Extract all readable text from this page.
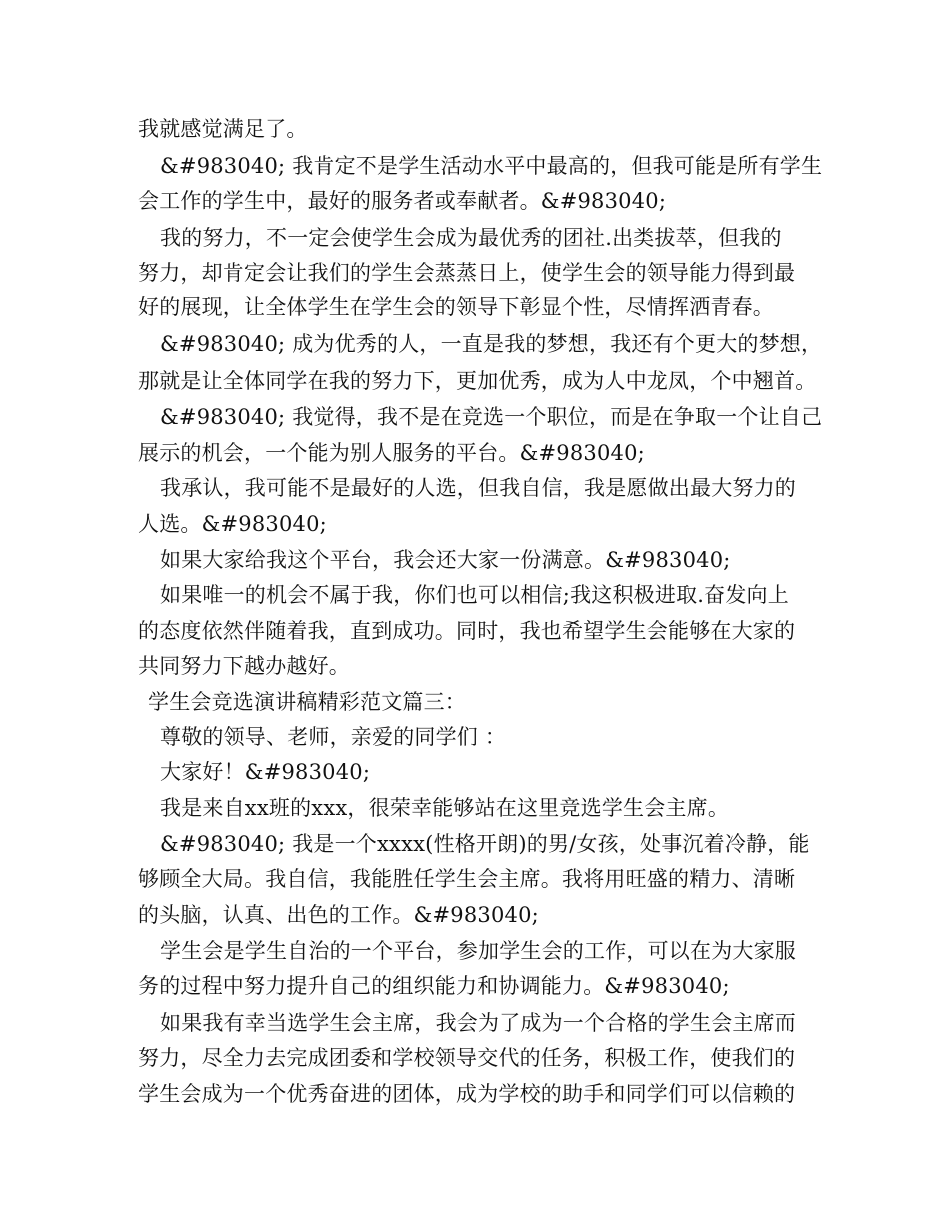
我就感觉满足了。
&#983040; 我肯定不是学生活动水平中最高的，但我可能是所有学生
会工作的学生中，最好的服务者或奉献者。&#983040;
我的努力，不一定会使学生会成为最优秀的团社.出类拔萃，但我的
努力，却肯定会让我们的学生会蒸蒸日上，使学生会的领导能力得到最
好的展现，让全体学生在学生会的领导下彰显个性，尽情挥洒青春。
&#983040; 成为优秀的人，一直是我的梦想，我还有个更大的梦想，
那就是让全体同学在我的努力下，更加优秀，成为人中龙凤，个中翘首。
&#983040; 我觉得，我不是在竞选一个职位，而是在争取一个让自己
展示的机会，一个能为别人服务的平台。&#983040;
我承认，我可能不是最好的人选，但我自信，我是愿做出最大努力的
人选。&#983040;
如果大家给我这个平台，我会还大家一份满意。&#983040;
如果唯一的机会不属于我，你们也可以相信;我这积极进取.奋发向上
的态度依然伴随着我，直到成功。同时，我也希望学生会能够在大家的
共同努力下越办越好。
学生会竞选演讲稿精彩范文篇三：
尊敬的领导、老师，亲爱的同学们 ：
大家好！&#983040;
我是来自xx班的xxx，很荣幸能够站在这里竞选学生会主席。
&#983040; 我是一个xxxx(性格开朗)的男/女孩，处事沉着冷静，能
够顾全大局。我自信，我能胜任学生会主席。我将用旺盛的精力、清晰
的头脑，认真、出色的工作。&#983040;
学生会是学生自治的一个平台，参加学生会的工作，可以在为大家服
务的过程中努力提升自己的组织能力和协调能力。&#983040;
如果我有幸当选学生会主席，我会为了成为一个合格的学生会主席而
努力，尽全力去完成团委和学校领导交代的任务，积极工作，使我们的
学生会成为一个优秀奋进的团体，成为学校的助手和同学们可以信赖的
